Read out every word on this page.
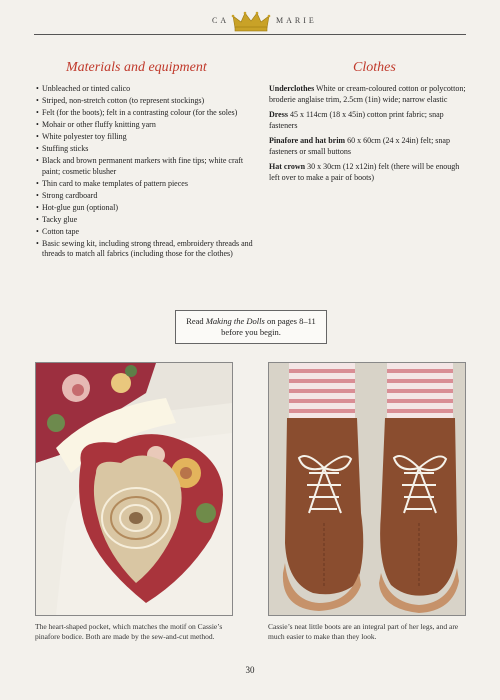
CA	MARIE
Materials and equipment
• Unbleached or tinted calico
• Striped, non-stretch cotton (to represent stockings)
• Felt (for the boots); felt in a contrasting colour (for the soles)
• Mohair or other fluffy knitting yarn
• White polyester toy filling
• Stuffing sticks
• Black and brown permanent markers with fine tips; white craft paint; cosmetic blusher
• Thin card to make templates of pattern pieces
• Strong cardboard
• Hot-glue gun (optional)
• Tacky glue
• Cotton tape
• Basic sewing kit, including strong thread, embroidery threads and threads to match all fabrics (including those for the clothes)
Clothes

Underclothes White or cream-coloured cotton or polycotton; broderie anglaise trim, 2.5cm (1in) wide; narrow elastic

Dress 45 x 114cm (18 x 45in) cotton print fabric; snap fasteners

Pinafore and hat brim 60 x 60cm (24 x 24in) felt; snap fasteners or small buttons

Hat crown 30 x 30cm (12 x12in) felt (there will be enough left over to make a pair of boots)

Read Making the Dolls on pages 8–11
before you begin.
The heart-shaped pocket, which matches the motif on Cassie’s pinafore bodice. Both are made by the sew-and-cut method.
Cassie’s neat little boots are an integral part of her legs, and are much easier to make than they look.
30
